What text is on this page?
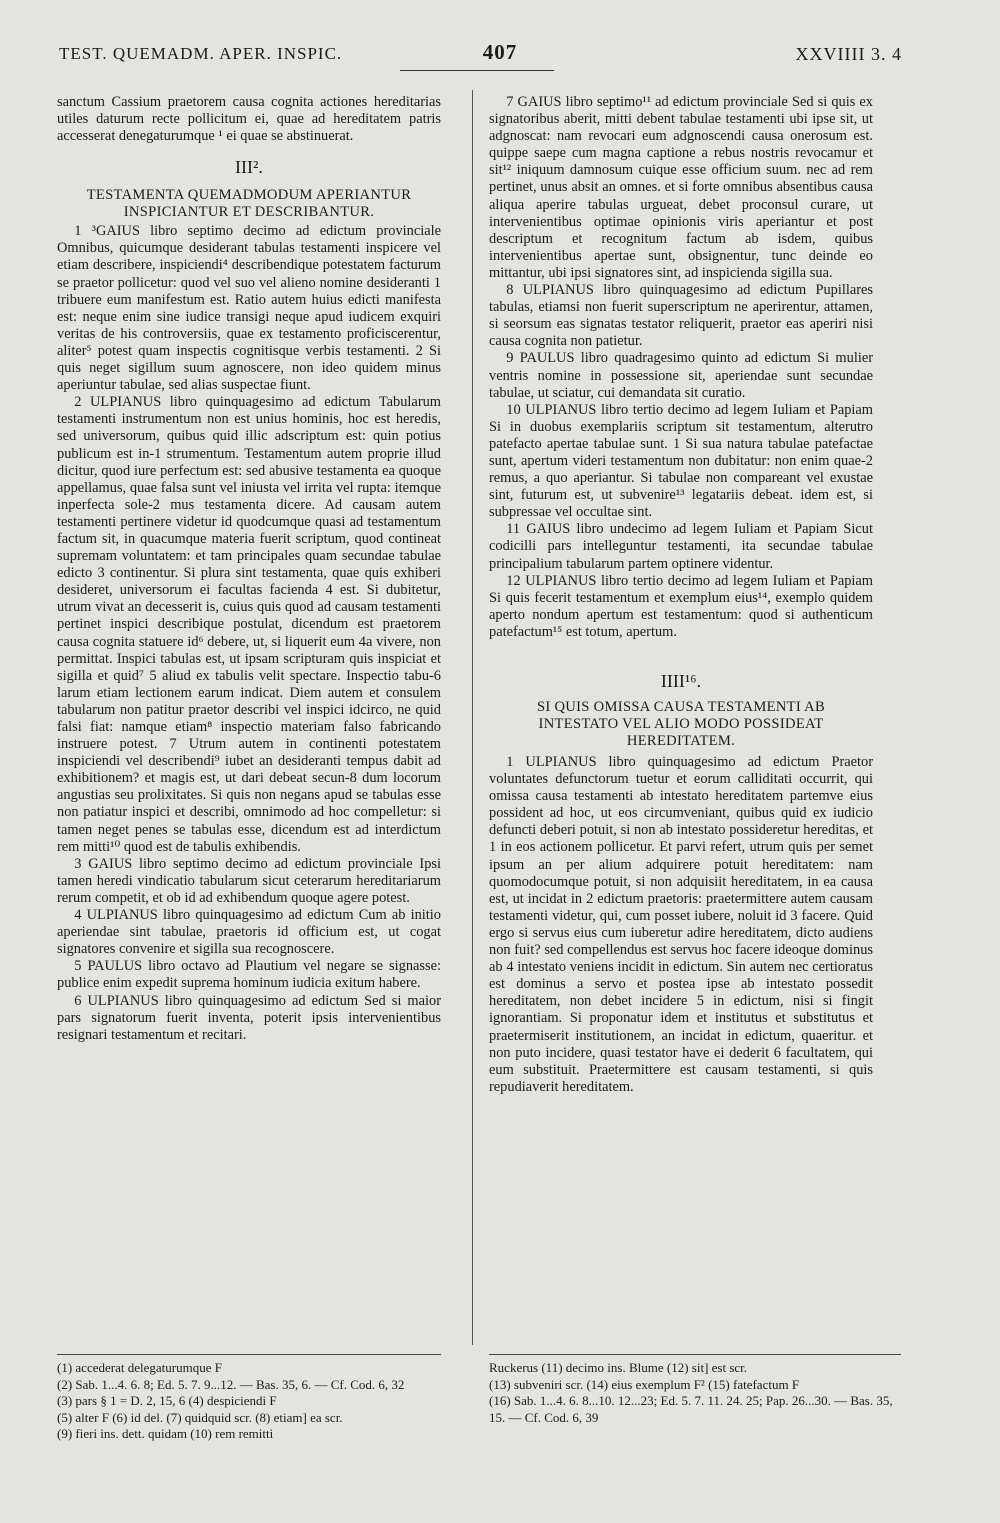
TEST. QUEMADM. APER. INSPIC.	407	XXVIIII 3. 4

sanctum Cassium praetorem causa cognita actiones hereditarias utiles daturum recte pollicitum ei, quae ad hereditatem patris accesserat denegaturumque ¹ ei quae se abstinuerat.

III².
TESTAMENTA QUEMADMODUM APERIANTUR INSPICIANTUR ET DESCRIBANTUR.

1 ³GAIUS libro septimo decimo ad edictum provinciale Omnibus, quicumque desiderant tabulas testamenti inspicere vel etiam describere, inspiciendi⁴ describendique potestatem facturum se praetor pollicetur: quod vel suo vel alieno nomine desideranti 1 tribuere eum manifestum est. Ratio autem huius edicti manifesta est: neque enim sine iudice transigi neque apud iudicem exquiri veritas de his controversiis, quae ex testamento proficiscerentur, aliter⁵ potest quam inspectis cognitisque verbis testamenti. 2 Si quis neget sigillum suum agnoscere, non ideo quidem minus aperiuntur tabulae, sed alias suspectae fiunt.

2 ULPIANUS libro quinquagesimo ad edictum Tabularum testamenti instrumentum non est unius hominis, hoc est heredis, sed universorum, quibus quid illic adscriptum est: quin potius publicum est in-1 strumentum. Testamentum autem proprie illud dicitur, quod iure perfectum est: sed abusive testamenta ea quoque appellamus, quae falsa sunt vel iniusta vel irrita vel rupta: itemque inperfecta sole-2 mus testamenta dicere. Ad causam autem testamenti pertinere videtur id quodcumque quasi ad testamentum factum sit, in quacumque materia fuerit scriptum, quod contineat supremam voluntatem: et tam principales quam secundae tabulae edicto 3 continentur. Si plura sint testamenta, quae quis exhiberi desideret, universorum ei facultas facienda 4 est. Si dubitetur, utrum vivat an decesserit is, cuius quis quod ad causam testamenti pertinet inspici describique postulat, dicendum est praetorem causa cognita statuere id⁶ debere, ut, si liquerit eum 4a vivere, non permittat. Inspici tabulas est, ut ipsam scripturam quis inspiciat et sigilla et quid⁷ 5 aliud ex tabulis velit spectare. Inspectio tabu-6 larum etiam lectionem earum indicat. Diem autem et consulem tabularum non patitur praetor describi vel inspici idcirco, ne quid falsi fiat: namque etiam⁸ inspectio materiam falso fabricando instruere potest. 7 Utrum autem in continenti potestatem inspiciendi vel describendi⁹ iubet an desideranti tempus dabit ad exhibitionem? et magis est, ut dari debeat secun-8 dum locorum angustias seu prolixitates. Si quis non negans apud se tabulas esse non patiatur inspici et describi, omnimodo ad hoc compelletur: si tamen neget penes se tabulas esse, dicendum est ad interdictum rem mitti¹⁰ quod est de tabulis exhibendis.

3 GAIUS libro septimo decimo ad edictum provinciale Ipsi tamen heredi vindicatio tabularum sicut ceterarum hereditariarum rerum competit, et ob id ad exhibendum quoque agere potest.

4 ULPIANUS libro quinquagesimo ad edictum Cum ab initio aperiendae sint tabulae, praetoris id officium est, ut cogat signatores convenire et sigilla sua recognoscere.

5 PAULUS libro octavo ad Plautium vel negare se signasse: publice enim expedit suprema hominum iudicia exitum habere.

6 ULPIANUS libro quinquagesimo ad edictum Sed si maior pars signatorum fuerit inventa, poterit ipsis intervenientibus resignari testamentum et recitari.

7 GAIUS libro septimo¹¹ ad edictum provinciale Sed si quis ex signatoribus aberit, mitti debent tabulae testamenti ubi ipse sit, ut adgnoscat: nam revocari eum adgnoscendi causa onerosum est. quippe saepe cum magna captione a rebus nostris revocamur et sit¹² iniquum damnosum cuique esse officium suum. nec ad rem pertinet, unus absit an omnes. et si forte omnibus absentibus causa aliqua aperire tabulas urgueat, debet proconsul curare, ut intervenientibus optimae opinionis viris aperiantur et post descriptum et recognitum factum ab isdem, quibus intervenientibus apertae sunt, obsignentur, tunc deinde eo mittantur, ubi ipsi signatores sint, ad inspicienda sigilla sua.

8 ULPIANUS libro quinquagesimo ad edictum Pupillares tabulas, etiamsi non fuerit superscriptum ne aperirentur, attamen, si seorsum eas signatas testator reliquerit, praetor eas aperiri nisi causa cognita non patietur.

9 PAULUS libro quadragesimo quinto ad edictum Si mulier ventris nomine in possessione sit, aperiendae sunt secundae tabulae, ut sciatur, cui demandata sit curatio.

10 ULPIANUS libro tertio decimo ad legem Iuliam et Papiam Si in duobus exemplariis scriptum sit testamentum, alterutro patefacto apertae tabulae sunt. 1 Si sua natura tabulae patefactae sunt, apertum videri testamentum non dubitatur: non enim quae-2 remus, a quo aperiantur. Si tabulae non compareant vel exustae sint, futurum est, ut subvenire¹³ legatariis debeat. idem est, si subpressae vel occultae sint.

11 GAIUS libro undecimo ad legem Iuliam et Papiam Sicut codicilli pars intelleguntur testamenti, ita secundae tabulae principalium tabularum partem optinere videntur.

12 ULPIANUS libro tertio decimo ad legem Iuliam et Papiam Si quis fecerit testamentum et exemplum eius¹⁴, exemplo quidem aperto nondum apertum est testamentum: quod si authenticum patefactum¹⁵ est totum, apertum.

IIII¹⁶.
SI QUIS OMISSA CAUSA TESTAMENTI AB INTESTATO VEL ALIO MODO POSSIDEAT HEREDITATEM.

1 ULPIANUS libro quinquagesimo ad edictum Praetor voluntates defunctorum tuetur et eorum calliditati occurrit, qui omissa causa testamenti ab intestato hereditatem partemve eius possident ad hoc, ut eos circumveniant, quibus quid ex iudicio defuncti deberi potuit, si non ab intestato possideretur hereditas, et 1 in eos actionem pollicetur. Et parvi refert, utrum quis per semet ipsum an per alium adquirere potuit hereditatem: nam quomodocumque potuit, si non adquisiit hereditatem, in ea causa est, ut incidat in 2 edictum praetoris: praetermittere autem causam testamenti videtur, qui, cum posset iubere, noluit id 3 facere. Quid ergo si servus eius cum iuberetur adire hereditatem, dicto audiens non fuit? sed compellendus est servus hoc facere ideoque dominus ab 4 intestato veniens incidit in edictum. Sin autem nec certioratus est dominus a servo et postea ipse ab intestato possedit hereditatem, non debet incidere 5 in edictum, nisi si fingit ignorantiam. Si proponatur idem et institutus et substitutus et praetermiserit institutionem, an incidat in edictum, quaeritur. et non puto incidere, quasi testator have ei dederit 6 facultatem, qui eum substituit. Praetermittere est causam testamenti, si quis repudiaverit hereditatem.

(1) accederat delegaturumque F

(2) Sab. 1...4. 6. 8; Ed. 5. 7. 9...12. — Bas. 35, 6. — Cf. Cod. 6, 32

(3) pars § 1 = D. 2, 15, 6 (4) despiciendi F

(5) alter F (6) id del. (7) quidquid scr. (8) etiam] ea scr.

(9) fieri ins. dett. quidam (10) rem remitti

Ruckerus (11) decimo ins. Blume (12) sit] est scr.

(13) subveniri scr. (14) eius exemplum F² (15) fatefactum F

(16) Sab. 1...4. 6. 8...10. 12...23; Ed. 5. 7. 11. 24. 25; Pap. 26...30. — Bas. 35, 15. — Cf. Cod. 6, 39
